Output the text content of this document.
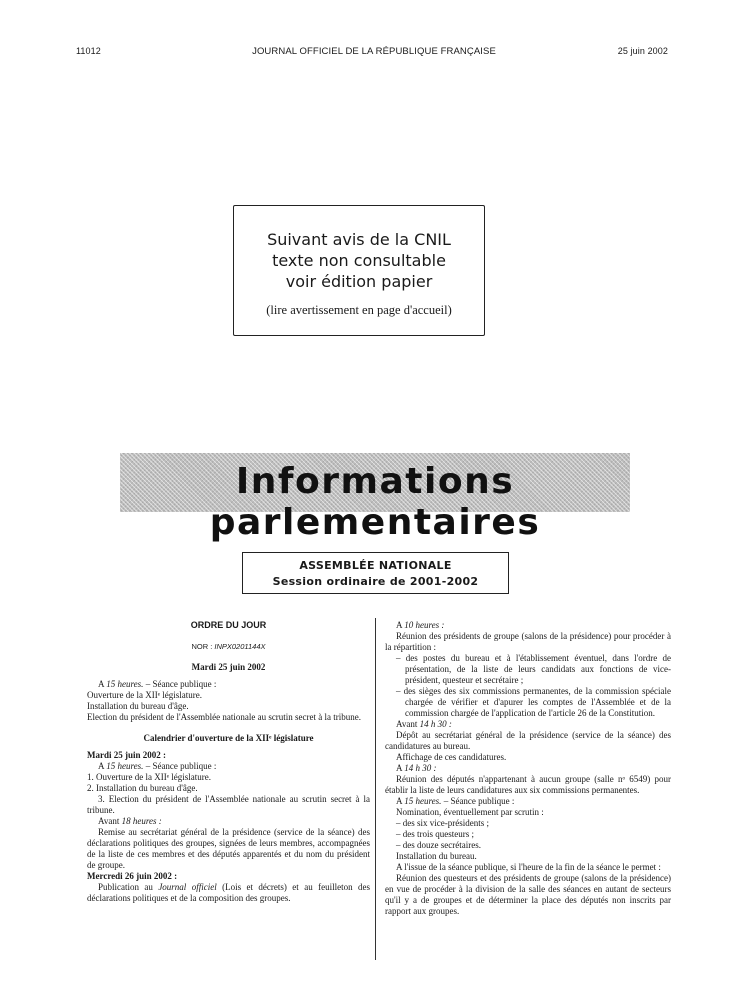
11012	JOURNAL OFFICIEL DE LA RÉPUBLIQUE FRANÇAISE	25 juin 2002
Suivant avis de la CNIL
texte non consultable
voir édition papier
(lire avertissement en page d'accueil)
Informations parlementaires
ASSEMBLÉE NATIONALE
Session ordinaire de 2001-2002

ORDRE DU JOUR

NOR : INPX0201144X

Mardi 25 juin 2002

A 15 heures. – Séance publique :

Ouverture de la XIIᵉ législature.

Installation du bureau d'âge.

Election du président de l'Assemblée nationale au scrutin secret à la tribune.

Calendrier d'ouverture de la XIIᵉ législature

Mardi 25 juin 2002 :

A 15 heures. – Séance publique :

1. Ouverture de la XIIᵉ législature.

2. Installation du bureau d'âge.

3. Election du président de l'Assemblée nationale au scrutin secret à la tribune.

Avant 18 heures :

Remise au secrétariat général de la présidence (service de la séance) des déclarations politiques des groupes, signées de leurs membres, accompagnées de la liste de ces membres et des députés apparentés et du nom du président de groupe.

Mercredi 26 juin 2002 :

Publication au Journal officiel (Lois et décrets) et au feuilleton des déclarations politiques et de la composition des groupes.

A 10 heures :

Réunion des présidents de groupe (salons de la présidence) pour procéder à la répartition :

– des postes du bureau et à l'établissement éventuel, dans l'ordre de présentation, de la liste de leurs candidats aux fonctions de vice-président, questeur et secrétaire ;

– des sièges des six commissions permanentes, de la commission spéciale chargée de vérifier et d'apurer les comptes de l'Assemblée et de la commission chargée de l'application de l'article 26 de la Constitution.

Avant 14 h 30 :

Dépôt au secrétariat général de la présidence (service de la séance) des candidatures au bureau.

Affichage de ces candidatures.

A 14 h 30 :

Réunion des députés n'appartenant à aucun groupe (salle nᵒ 6549) pour établir la liste de leurs candidatures aux six commissions permanentes.

A 15 heures. – Séance publique :

Nomination, éventuellement par scrutin :

– des six vice-présidents ;

– des trois questeurs ;

– des douze secrétaires.

Installation du bureau.

A l'issue de la séance publique, si l'heure de la fin de la séance le permet :

Réunion des questeurs et des présidents de groupe (salons de la présidence) en vue de procéder à la division de la salle des séances en autant de secteurs qu'il y a de groupes et de déterminer la place des députés non inscrits par rapport aux groupes.
